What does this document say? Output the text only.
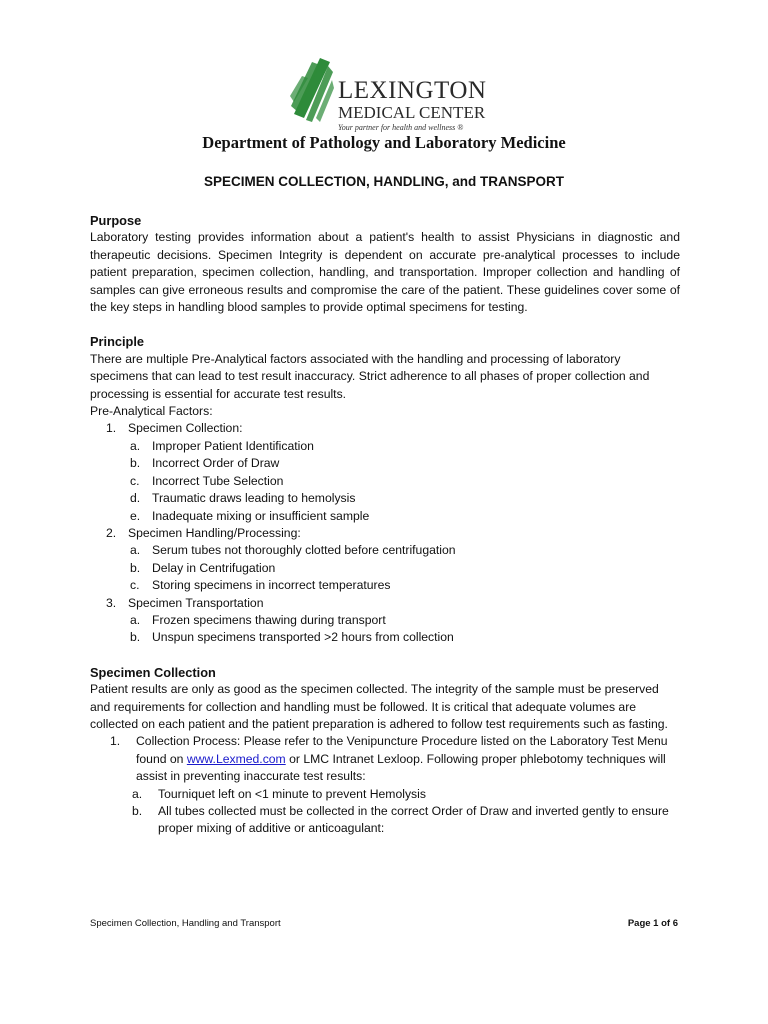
LEXINGTON
MEDICAL CENTER
Your partner for health and wellness ®
Department of Pathology and Laboratory Medicine
SPECIMEN COLLECTION, HANDLING, and TRANSPORT
Purpose

Laboratory testing provides information about a patient's health to assist Physicians in diagnostic and therapeutic decisions. Specimen Integrity is dependent on accurate pre-analytical processes to include patient preparation, specimen collection, handling, and transportation. Improper collection and handling of samples can give erroneous results and compromise the care of the patient. These guidelines cover some of the key steps in handling blood samples to provide optimal specimens for testing.

Principle

There are multiple Pre-Analytical factors associated with the handling and processing of laboratory specimens that can lead to test result inaccuracy. Strict adherence to all phases of proper collection and processing is essential for accurate test results.

Pre-Analytical Factors:

1. Specimen Collection:
a. Improper Patient Identification
b. Incorrect Order of Draw
c.	Incorrect Tube Selection
d. Traumatic draws leading to hemolysis
e. Inadequate mixing or insufficient sample
2. Specimen Handling/Processing:
a. Serum tubes not thoroughly clotted before centrifugation
b. Delay in Centrifugation
c.	Storing specimens in incorrect temperatures
3. Specimen Transportation
a. Frozen specimens thawing during transport
b. Unspun specimens transported >2 hours from collection
Specimen Collection

Patient results are only as good as the specimen collected. The integrity of the sample must be preserved and requirements for collection and handling must be followed. It is critical that adequate volumes are collected on each patient and the patient preparation is adhered to follow test requirements such as fasting.

1.	Collection Process: Please refer to the Venipuncture Procedure listed on the Laboratory Test Menu found on www.Lexmed.com or LMC Intranet Lexloop. Following proper phlebotomy techniques will assist in preventing inaccurate test results:
a.	Tourniquet left on <1 minute to prevent Hemolysis
b.	All tubes collected must be collected in the correct Order of Draw and inverted gently to ensure proper mixing of additive or anticoagulant:
Specimen Collection, Handling and Transport	Page 1 of 6
